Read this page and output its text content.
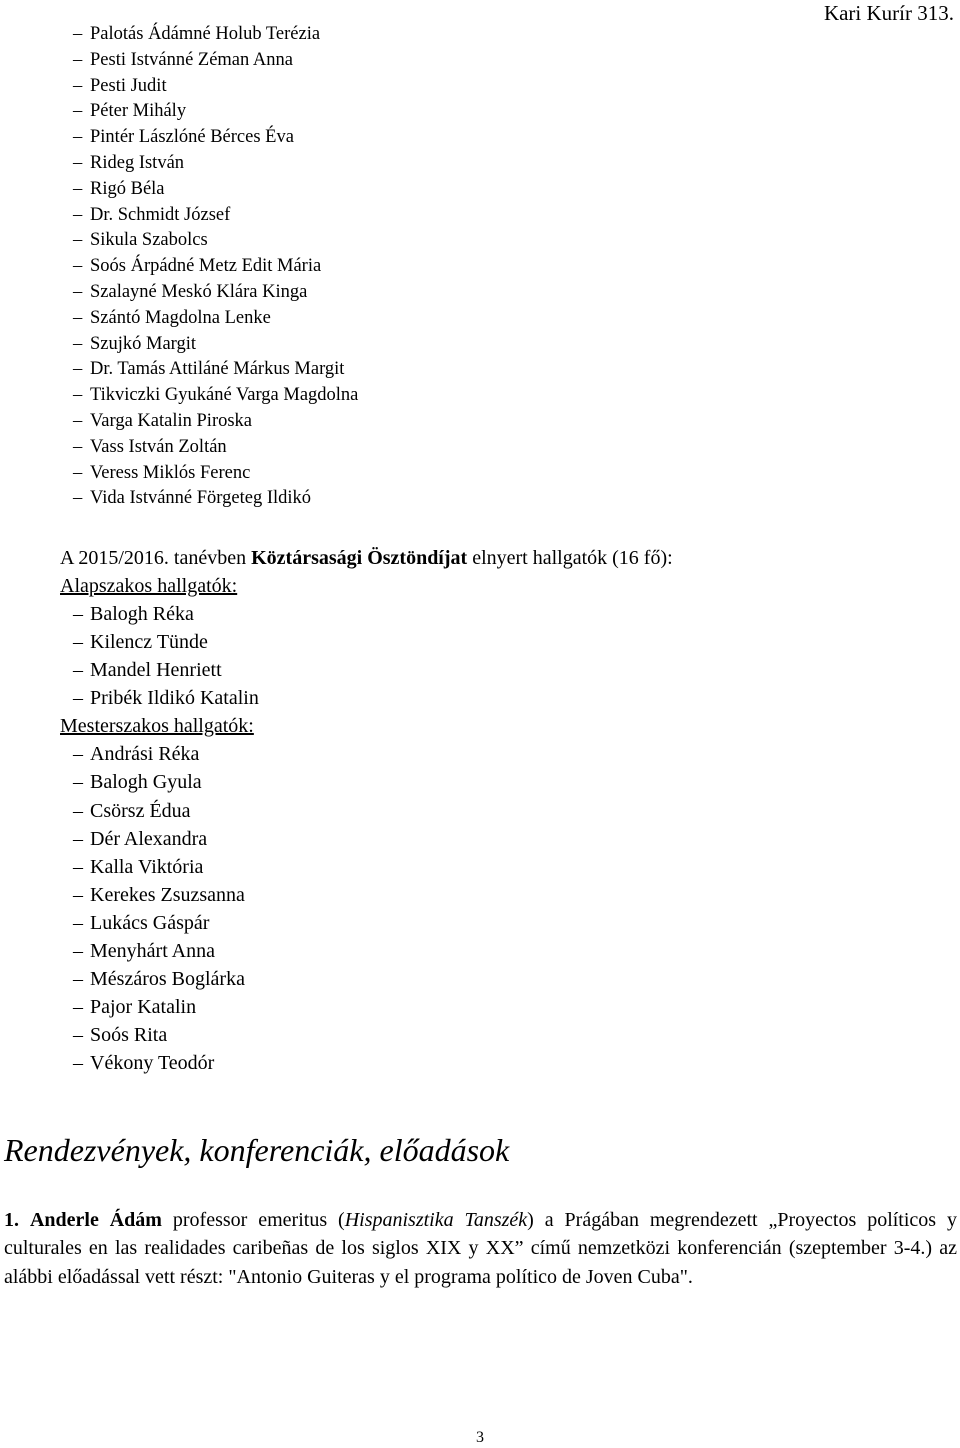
Kari Kurír 313.
– Palotás Ádámné Holub Terézia
– Pesti Istvánné Zéman Anna
– Pesti Judit
– Péter Mihály
– Pintér Lászlóné Bérces Éva
– Rideg István
– Rigó Béla
– Dr. Schmidt József
– Sikula Szabolcs
– Soós Árpádné Metz Edit Mária
– Szalayné Meskó Klára Kinga
– Szántó Magdolna Lenke
– Szujkó Margit
– Dr. Tamás Attiláné Márkus Margit
– Tikviczki Gyukáné Varga Magdolna
– Varga Katalin Piroska
– Vass István Zoltán
– Veress Miklós Ferenc
– Vida Istvánné Förgeteg Ildikó
A 2015/2016. tanévben Köztársasági Ösztöndíjat elnyert hallgatók (16 fő):
Alapszakos hallgatók:
– Balogh Réka
– Kilencz Tünde
– Mandel Henriett
– Pribék Ildikó Katalin
Mesterszakos hallgatók:
– Andrási Réka
– Balogh Gyula
– Csörsz Édua
– Dér Alexandra
– Kalla Viktória
– Kerekes Zsuzsanna
– Lukács Gáspár
– Menyhárt Anna
– Mészáros Boglárka
– Pajor Katalin
– Soós Rita
– Vékony Teodór
Rendezvények, konferenciák, előadások
1. Anderle Ádám professor emeritus (Hispanisztika Tanszék) a Prágában megrendezett „Proyectos políticos y culturales en las realidades caribeñas de los siglos XIX y XX” című nemzetközi konferencián (szeptember 3-4.) az alábbi előadással vett részt: "Antonio Guiteras y el programa político de Joven Cuba".
3
